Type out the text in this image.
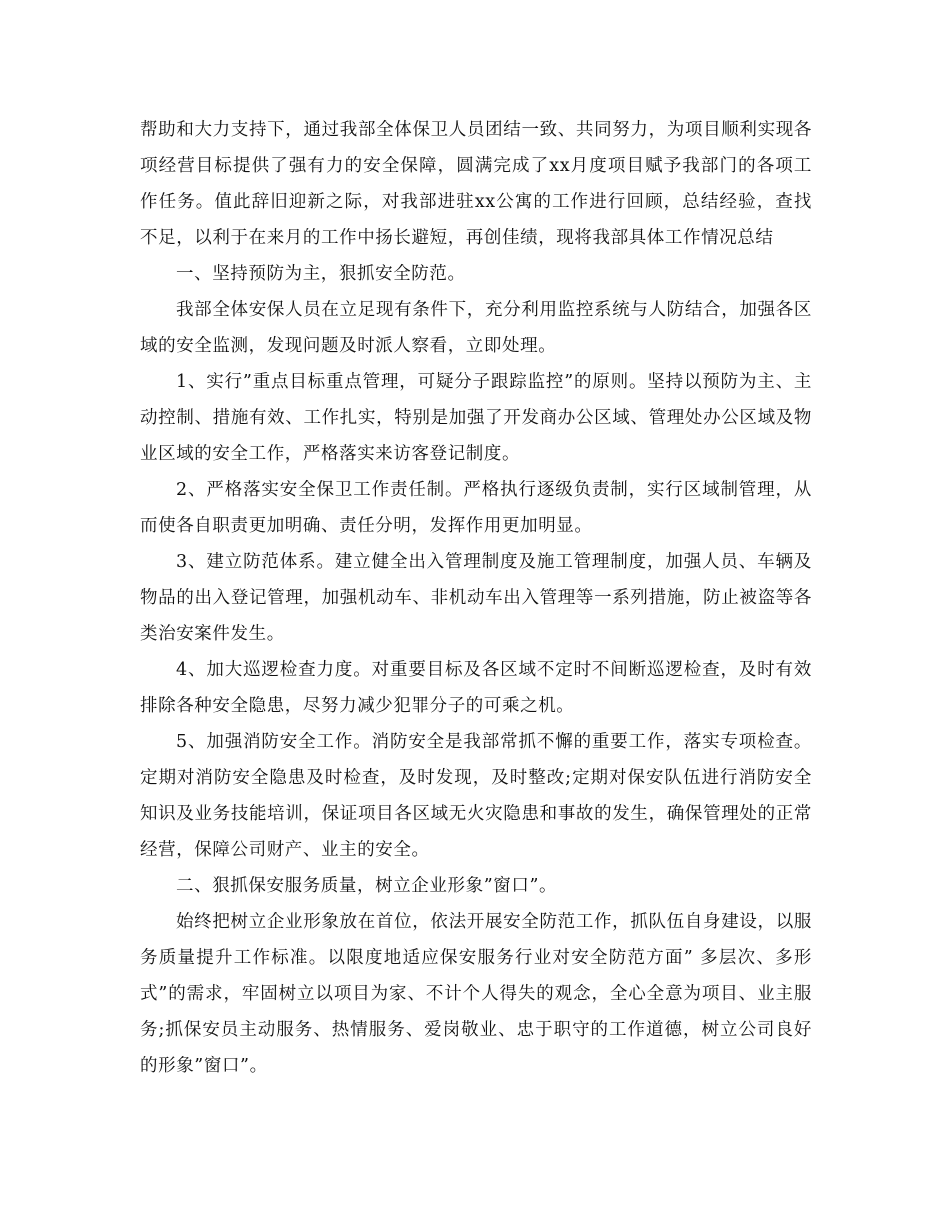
帮助和大力支持下，通过我部全体保卫人员团结一致、共同努力，为项目顺利实现各项经营目标提供了强有力的安全保障，圆满完成了xx月度项目赋予我部门的各项工作任务。值此辞旧迎新之际，对我部进驻xx公寓的工作进行回顾，总结经验，查找不足，以利于在来月的工作中扬长避短，再创佳绩，现将我部具体工作情况总结

一、坚持预防为主，狠抓安全防范。

我部全体安保人员在立足现有条件下，充分利用监控系统与人防结合，加强各区域的安全监测，发现问题及时派人察看，立即处理。

1、实行”重点目标重点管理，可疑分子跟踪监控”的原则。坚持以预防为主、主动控制、措施有效、工作扎实，特别是加强了开发商办公区域、管理处办公区域及物业区域的安全工作，严格落实来访客登记制度。

2、严格落实安全保卫工作责任制。严格执行逐级负责制，实行区域制管理，从而使各自职责更加明确、责任分明，发挥作用更加明显。

3、建立防范体系。建立健全出入管理制度及施工管理制度，加强人员、车辆及物品的出入登记管理，加强机动车、非机动车出入管理等一系列措施，防止被盗等各类治安案件发生。

4、加大巡逻检查力度。对重要目标及各区域不定时不间断巡逻检查，及时有效排除各种安全隐患，尽努力减少犯罪分子的可乘之机。

5、加强消防安全工作。消防安全是我部常抓不懈的重要工作，落实专项检查。定期对消防安全隐患及时检查，及时发现，及时整改;定期对保安队伍进行消防安全知识及业务技能培训，保证项目各区域无火灾隐患和事故的发生，确保管理处的正常经营，保障公司财产、业主的安全。

二、狠抓保安服务质量，树立企业形象”窗口”。

始终把树立企业形象放在首位，依法开展安全防范工作，抓队伍自身建设，以服务质量提升工作标准。以限度地适应保安服务行业对安全防范方面” 多层次、多形式”的需求，牢固树立以项目为家、不计个人得失的观念，全心全意为项目、业主服务;抓保安员主动服务、热情服务、爱岗敬业、忠于职守的工作道德，树立公司良好的形象”窗口”。
